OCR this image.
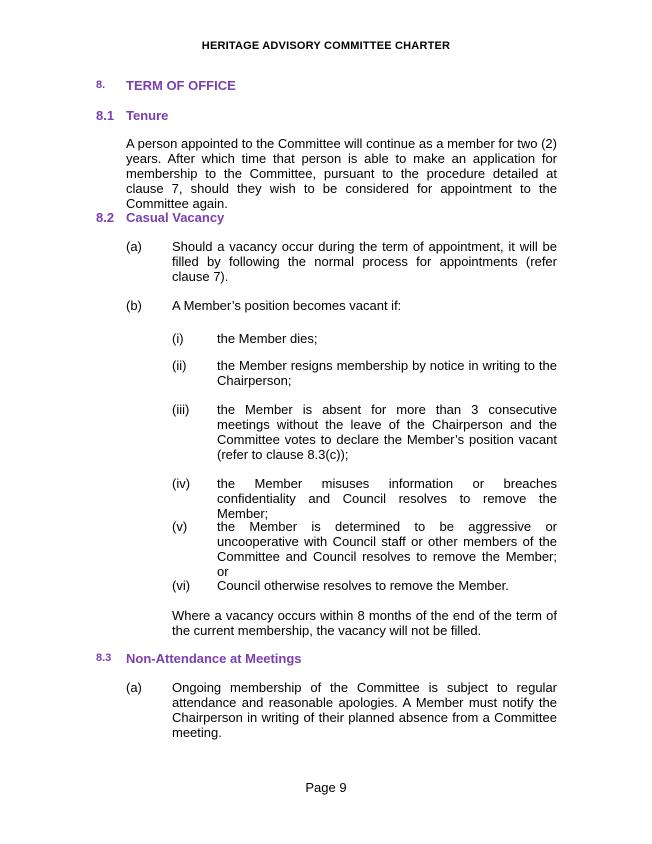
HERITAGE ADVISORY COMMITTEE CHARTER
8. TERM OF OFFICE
8.1 Tenure
A person appointed to the Committee will continue as a member for two (2) years. After which time that person is able to make an application for membership to the Committee, pursuant to the procedure detailed at clause 7, should they wish to be considered for appointment to the Committee again.
8.2 Casual Vacancy
(a) Should a vacancy occur during the term of appointment, it will be filled by following the normal process for appointments (refer clause 7).
(b) A Member’s position becomes vacant if:
(i)	the Member dies;
(ii) the Member resigns membership by notice in writing to the Chairperson;
(iii) the Member is absent for more than 3 consecutive meetings without the leave of the Chairperson and the Committee votes to declare the Member’s position vacant (refer to clause 8.3(c));
(iv) the Member misuses information or breaches confidentiality and Council resolves to remove the Member;
(v) the Member is determined to be aggressive or uncooperative with Council staff or other members of the Committee and Council resolves to remove the Member; or
(vi) Council otherwise resolves to remove the Member.
Where a vacancy occurs within 8 months of the end of the term of the current membership, the vacancy will not be filled.
8.3 Non-Attendance at Meetings
(a) Ongoing membership of the Committee is subject to regular attendance and reasonable apologies. A Member must notify the Chairperson in writing of their planned absence from a Committee meeting.
Page 9
